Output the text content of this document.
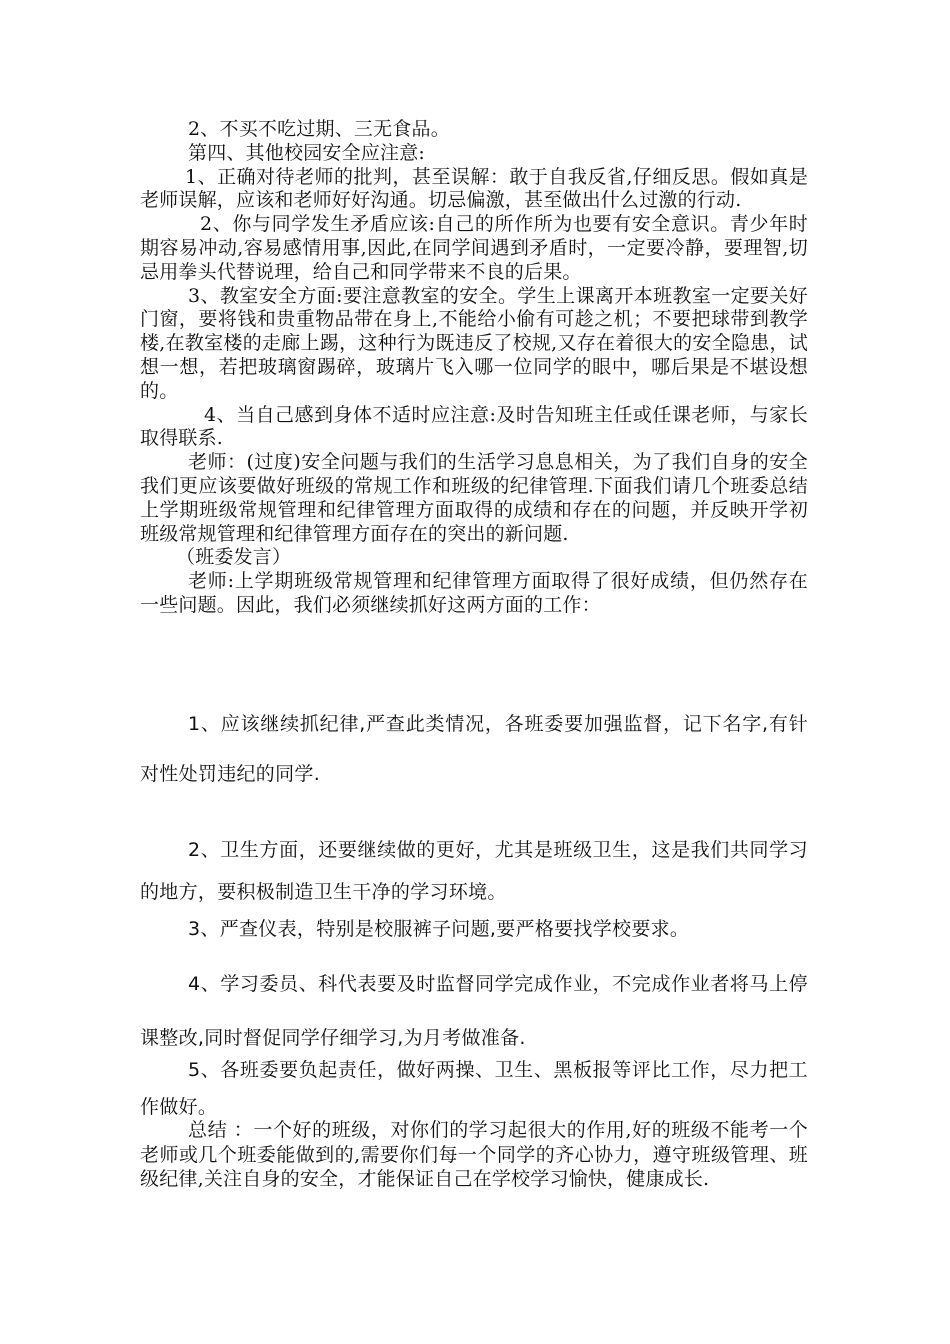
2、不买不吃过期、三无食品。

第四、其他校园安全应注意:

1、正确对待老师的批判，甚至误解：敢于自我反省,仔细反思。假如真是老师误解，应该和老师好好沟通。切忌偏激，甚至做出什么过激的行动.

2、你与同学发生矛盾应该:自己的所作所为也要有安全意识。青少年时期容易冲动,容易感情用事,因此,在同学间遇到矛盾时，一定要冷静，要理智,切忌用拳头代替说理，给自己和同学带来不良的后果。

3、教室安全方面:要注意教室的安全。学生上课离开本班教室一定要关好门窗，要将钱和贵重物品带在身上,不能给小偷有可趁之机；不要把球带到教学楼,在教室楼的走廊上踢，这种行为既违反了校规,又存在着很大的安全隐患，试想一想，若把玻璃窗踢碎，玻璃片飞入哪一位同学的眼中，哪后果是不堪设想的。

4、当自己感到身体不适时应注意:及时告知班主任或任课老师，与家长取得联系.

老师：(过度)安全问题与我们的生活学习息息相关，为了我们自身的安全我们更应该要做好班级的常规工作和班级的纪律管理.下面我们请几个班委总结上学期班级常规管理和纪律管理方面取得的成绩和存在的问题，并反映开学初班级常规管理和纪律管理方面存在的突出的新问题.

（班委发言）

老师:上学期班级常规管理和纪律管理方面取得了很好成绩，但仍然存在一些问题。因此，我们必须继续抓好这两方面的工作：

1、应该继续抓纪律,严查此类情况，各班委要加强监督，记下名字,有针对性处罚违纪的同学.

2、卫生方面，还要继续做的更好，尤其是班级卫生，这是我们共同学习的地方，要积极制造卫生干净的学习环境。

3、严查仪表，特别是校服裤子问题,要严格要找学校要求。

4、学习委员、科代表要及时监督同学完成作业，不完成作业者将马上停课整改,同时督促同学仔细学习,为月考做准备.

5、各班委要负起责任，做好两操、卫生、黑板报等评比工作，尽力把工作做好。

总结 ：一个好的班级，对你们的学习起很大的作用,好的班级不能考一个老师或几个班委能做到的,需要你们每一个同学的齐心协力，遵守班级管理、班级纪律,关注自身的安全，才能保证自己在学校学习愉快，健康成长.
